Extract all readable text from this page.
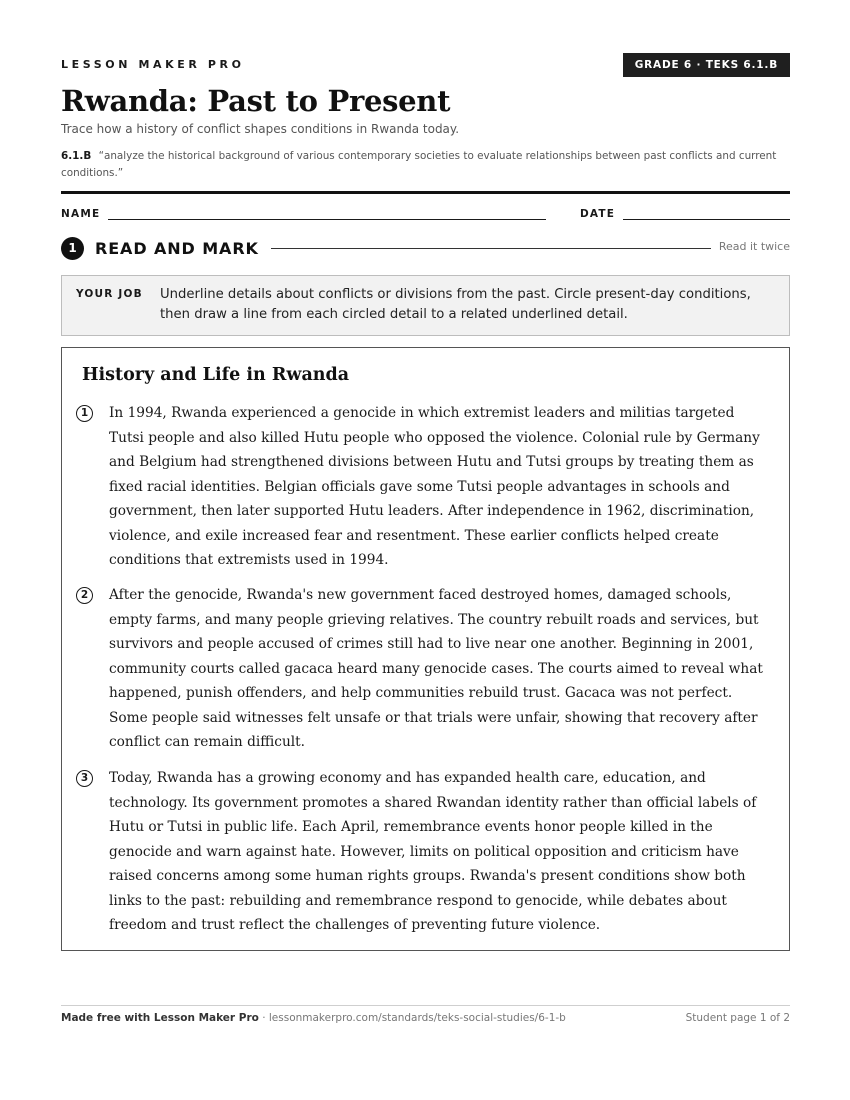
LESSON MAKER PRO	GRADE 6 · TEKS 6.1.B
Rwanda: Past to Present
Trace how a history of conflict shapes conditions in Rwanda today.
6.1.B “analyze the historical background of various contemporary societies to evaluate relationships between past conflicts and current conditions.”
NAME	DATE
1	READ AND MARK	Read it twice
YOUR JOB Underline details about conflicts or divisions from the past. Circle present-day conditions, then draw a line from each circled detail to a related underlined detail.
History and Life in Rwanda
1	In 1994, Rwanda experienced a genocide in which extremist leaders and militias targeted Tutsi people and also killed Hutu people who opposed the violence. Colonial rule by Germany and Belgium had strengthened divisions between Hutu and Tutsi groups by treating them as fixed racial identities. Belgian officials gave some Tutsi people advantages in schools and government, then later supported Hutu leaders. After independence in 1962, discrimination, violence, and exile increased fear and resentment. These earlier conflicts helped create conditions that extremists used in 1994.
2	After the genocide, Rwanda's new government faced destroyed homes, damaged schools, empty farms, and many people grieving relatives. The country rebuilt roads and services, but survivors and people accused of crimes still had to live near one another. Beginning in 2001, community courts called gacaca heard many genocide cases. The courts aimed to reveal what happened, punish offenders, and help communities rebuild trust. Gacaca was not perfect. Some people said witnesses felt unsafe or that trials were unfair, showing that recovery after conflict can remain difficult.
3	Today, Rwanda has a growing economy and has expanded health care, education, and technology. Its government promotes a shared Rwandan identity rather than official labels of Hutu or Tutsi in public life. Each April, remembrance events honor people killed in the genocide and warn against hate. However, limits on political opposition and criticism have raised concerns among some human rights groups. Rwanda's present conditions show both links to the past: rebuilding and remembrance respond to genocide, while debates about freedom and trust reflect the challenges of preventing future violence.
Made free with Lesson Maker Pro · lessonmakerpro.com/standards/teks-social-studies/6-1-b	Student page 1 of 2
